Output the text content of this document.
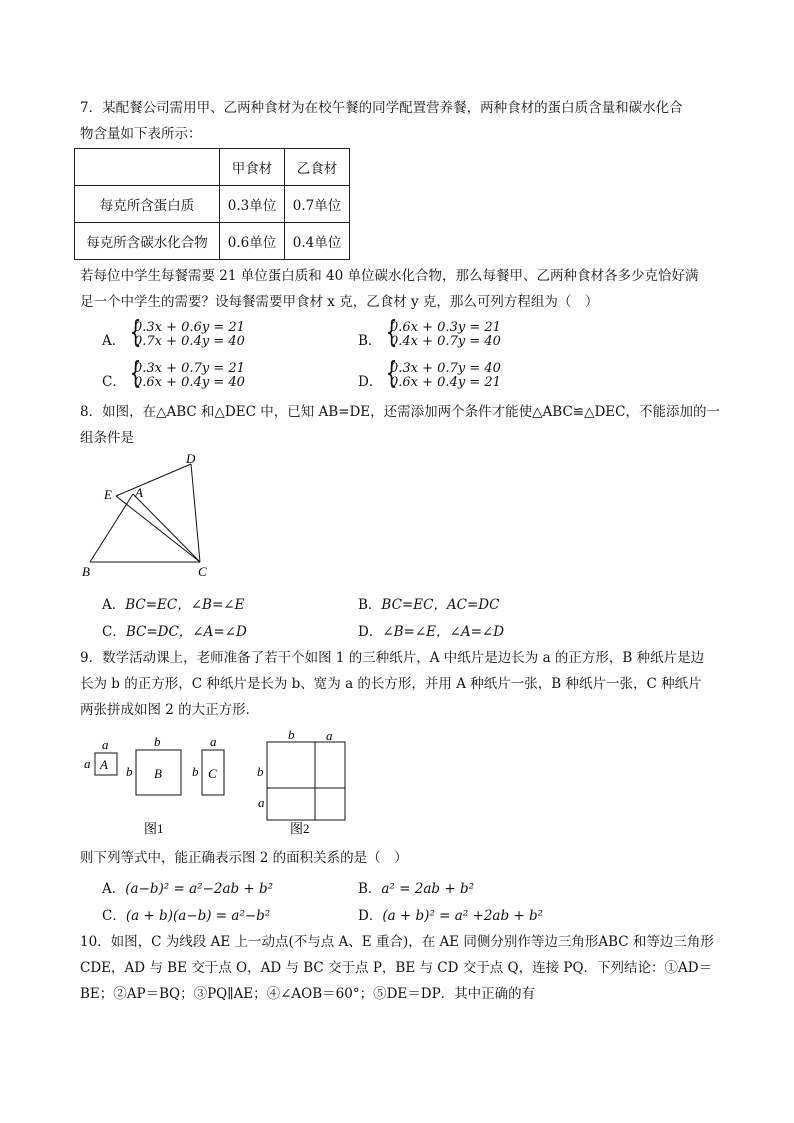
7．某配餐公司需用甲、乙两种食材为在校午餐的同学配置营养餐，两种食材的蛋白质含量和碳水化合
物含量如下表所示：
	甲食材	乙食材
每克所含蛋白质	0.3单位	0.7单位
每克所含碳水化合物	0.6单位	0.4单位
若每位中学生每餐需要 21 单位蛋白质和 40 单位碳水化合物，那么每餐甲、乙两种食材各多少克恰好满
足一个中学生的需要？设每餐需要甲食材 x 克，乙食材 y 克，那么可列方程组为（　）
A． {
0.3x + 0.6y = 21
0.7x + 0.4y = 40	B． {
0.6x + 0.3y = 21
0.4x + 0.7y = 40
C． {
0.3x + 0.7y = 21
0.6x + 0.4y = 40	D． {
0.3x + 0.7y = 40
0.6x + 0.4y = 21
8．如图，在△ABC 和△DEC 中，已知 AB=DE，还需添加两个条件才能使△ABC≌△DEC，不能添加的一
组条件是
D
E A
B	C
A．BC=EC，∠B=∠E	B．BC=EC，AC=DC
C．BC=DC，∠A=∠D	D．∠B=∠E，∠A=∠D
9．数学活动课上，老师准备了若干个如图 1 的三种纸片，A 中纸片是边长为 a 的正方形，B 种纸片是边
长为 b 的正方形，C 种纸片是长为 b、宽为 a 的长方形，并用 A 种纸片一张，B 种纸片一张，C 种纸片
两张拼成如图 2 的大正方形．
a
a A
b
b B
a
b C
b a
b
a
图1	图2
则下列等式中，能正确表示图 2 的面积关系的是（　）
A．(a−b)² = a²−2ab + b²	B．a² = 2ab + b²
C．(a + b)(a−b) = a²−b²	D．(a + b)² = a² +2ab + b²
10．如图，C 为线段 AE 上一动点(不与点 A、E 重合)，在 AE 同侧分别作等边三角形ABC 和等边三角形
CDE，AD 与 BE 交于点 O，AD 与 BC 交于点 P，BE 与 CD 交于点 Q，连接 PQ．下列结论：①AD＝
BE；②AP＝BQ；③PQ∥AE；④∠AOB＝60°；⑤DE＝DP．其中正确的有
